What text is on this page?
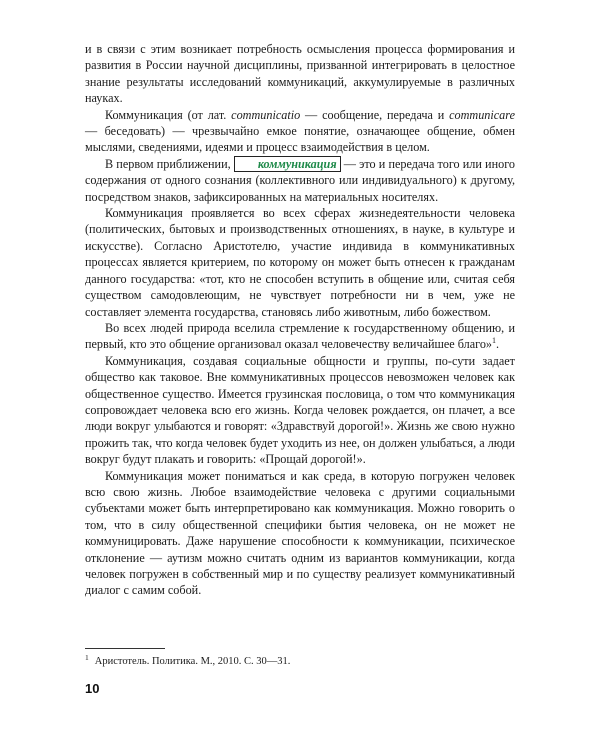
и в связи с этим возникает потребность осмысления процесса формирования и развития в России научной дисциплины, призванной интегрировать в целостное знание результаты исследований коммуникаций, аккумулируемые в различных науках.

Коммуникация (от лат. communicatio — сообщение, передача и communicare — беседовать) — чрезвычайно емкое понятие, означающее общение, обмен мыслями, сведениями, идеями и процесс взаимодействия в целом.

В первом приближении, коммуникация — это и передача того или иного содержания от одного сознания (коллективного или индивидуального) к другому, посредством знаков, зафиксированных на материальных носителях.

Коммуникация проявляется во всех сферах жизнедеятельности человека (политических, бытовых и производственных отношениях, в науке, в культуре и искусстве). Согласно Аристотелю, участие индивида в коммуникативных процессах является критерием, по которому он может быть отнесен к гражданам данного государства: «тот, кто не способен вступить в общение или, считая себя существом самодовлеющим, не чувствует потребности ни в чем, уже не составляет элемента государства, становясь либо животным, либо божеством.

Во всех людей природа вселила стремление к государственному общению, и первый, кто это общение организовал оказал человечеству величайшее благо»$^1$.

Коммуникация, создавая социальные общности и группы, по-сути задает общество как таковое. Вне коммуникативных процессов невозможен человек как общественное существо. Имеется грузинская пословица, о том что коммуникация сопровождает человека всю его жизнь. Когда человек рождается, он плачет, а все люди вокруг улыбаются и говорят: «Здравствуй дорогой!». Жизнь же свою нужно прожить так, что когда человек будет уходить из нее, он должен улыбаться, а люди вокруг будут плакать и говорить: «Прощай дорогой!».

Коммуникация может пониматься и как среда, в которую погружен человек всю свою жизнь. Любое взаимодействие человека с другими социальными субъектами может быть интерпретировано как коммуникация. Можно говорить о том, что в силу общественной специфики бытия человека, он не может не коммуницировать. Даже нарушение способности к коммуникации, психическое отклонение — аутизм можно считать одним из вариантов коммуникации, когда человек погружен в собственный мир и по существу реализует коммуникативный диалог с самим собой.

$^1$ Аристотель. Политика. М., 2010. С. 30—31.
10
